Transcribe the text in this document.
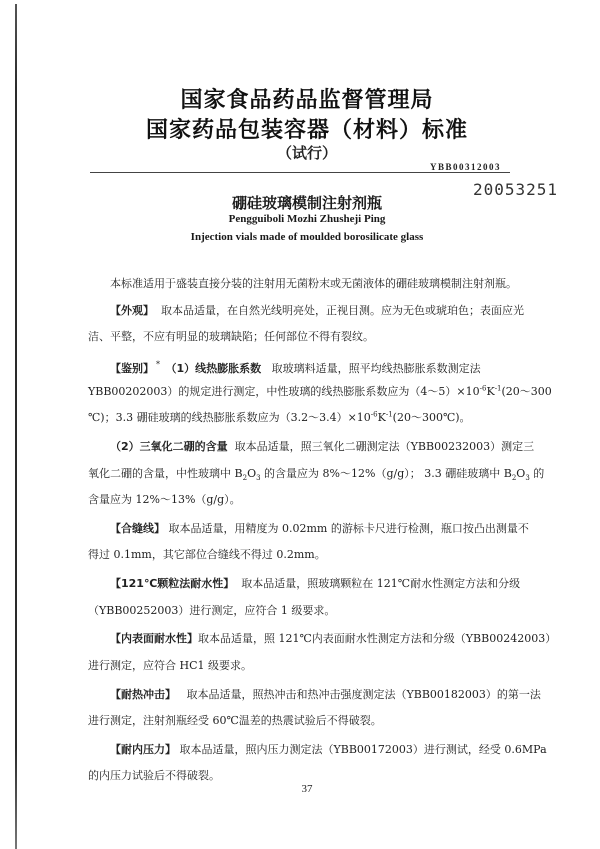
国家食品药品监督管理局
国家药品包装容器（材料）标准
（试行）
YBB00312003
20053251
硼硅玻璃模制注射剂瓶
Pengguiboli Mozhi Zhusheji Ping
Injection vials made of moulded borosilicate glass
本标准适用于盛装直接分装的注射用无菌粉末或无菌液体的硼硅玻璃模制注射剂瓶。
【外观】 取本品适量，在自然光线明亮处，正视目测。应为无色或琥珀色；表面应光
洁、平整，不应有明显的玻璃缺陷；任何部位不得有裂纹。
【鉴别】 * （1）线热膨胀系数 取玻璃料适量，照平均线热膨胀系数测定法
YBB00202003）的规定进行测定，中性玻璃的线热膨胀系数应为$(4\sim 5)\times 10^{-6}K^{-1}(20\sim 300$
℃)；3.3 硼硅玻璃的线热膨胀系数应为$(3.2\sim 3.4)\times 10^{-6}K^{-1}(20\sim 300℃)$。
（2）三氧化二硼的含量 取本品适量，照三氧化二硼测定法（YBB00232003）测定三
氧化二硼的含量，中性玻璃中 $B_2O_3$ 的含量应为 8%～12%（g/g）； 3.3 硼硅玻璃中 $B_2O_3$ 的
含量应为 12%～13%（g/g）。
【合缝线】 取本品适量，用精度为 0.02mm 的游标卡尺进行检测，瓶口按凸出测量不
得过 0.1mm，其它部位合缝线不得过 0.2mm。
【121℃颗粒法耐水性】 取本品适量，照玻璃颗粒在 121℃耐水性测定方法和分级
（YBB00252003）进行测定，应符合 1 级要求。
【内表面耐水性】取本品适量，照 121℃内表面耐水性测定方法和分级（YBB00242003）
进行测定，应符合 HC1 级要求。
【耐热冲击】 取本品适量，照热冲击和热冲击强度测定法（YBB00182003）的第一法
进行测定，注射剂瓶经受 60℃温差的热震试验后不得破裂。
【耐内压力】 取本品适量，照内压力测定法（YBB00172003）进行测试，经受 0.6MPa
的内压力试验后不得破裂。
37
